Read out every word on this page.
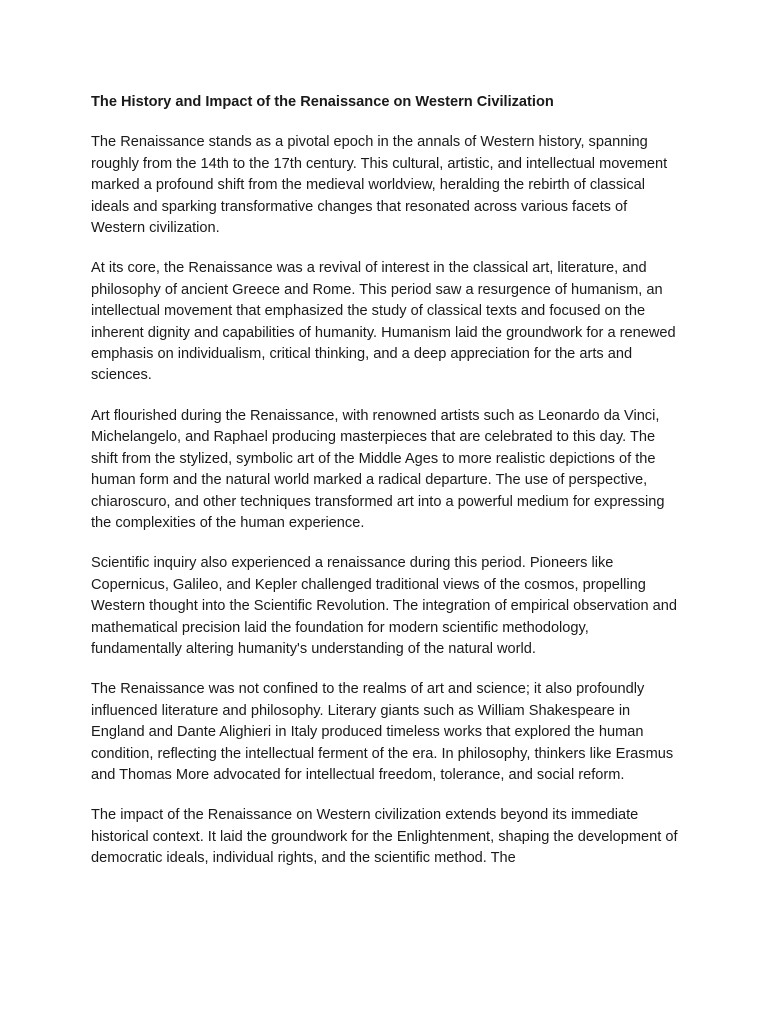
The History and Impact of the Renaissance on Western Civilization

The Renaissance stands as a pivotal epoch in the annals of Western history, spanning roughly from the 14th to the 17th century. This cultural, artistic, and intellectual movement marked a profound shift from the medieval worldview, heralding the rebirth of classical ideals and sparking transformative changes that resonated across various facets of Western civilization.

At its core, the Renaissance was a revival of interest in the classical art, literature, and philosophy of ancient Greece and Rome. This period saw a resurgence of humanism, an intellectual movement that emphasized the study of classical texts and focused on the inherent dignity and capabilities of humanity. Humanism laid the groundwork for a renewed emphasis on individualism, critical thinking, and a deep appreciation for the arts and sciences.

Art flourished during the Renaissance, with renowned artists such as Leonardo da Vinci, Michelangelo, and Raphael producing masterpieces that are celebrated to this day. The shift from the stylized, symbolic art of the Middle Ages to more realistic depictions of the human form and the natural world marked a radical departure. The use of perspective, chiaroscuro, and other techniques transformed art into a powerful medium for expressing the complexities of the human experience.

Scientific inquiry also experienced a renaissance during this period. Pioneers like Copernicus, Galileo, and Kepler challenged traditional views of the cosmos, propelling Western thought into the Scientific Revolution. The integration of empirical observation and mathematical precision laid the foundation for modern scientific methodology, fundamentally altering humanity's understanding of the natural world.

The Renaissance was not confined to the realms of art and science; it also profoundly influenced literature and philosophy. Literary giants such as William Shakespeare in England and Dante Alighieri in Italy produced timeless works that explored the human condition, reflecting the intellectual ferment of the era. In philosophy, thinkers like Erasmus and Thomas More advocated for intellectual freedom, tolerance, and social reform.

The impact of the Renaissance on Western civilization extends beyond its immediate historical context. It laid the groundwork for the Enlightenment, shaping the development of democratic ideals, individual rights, and the scientific method. The
